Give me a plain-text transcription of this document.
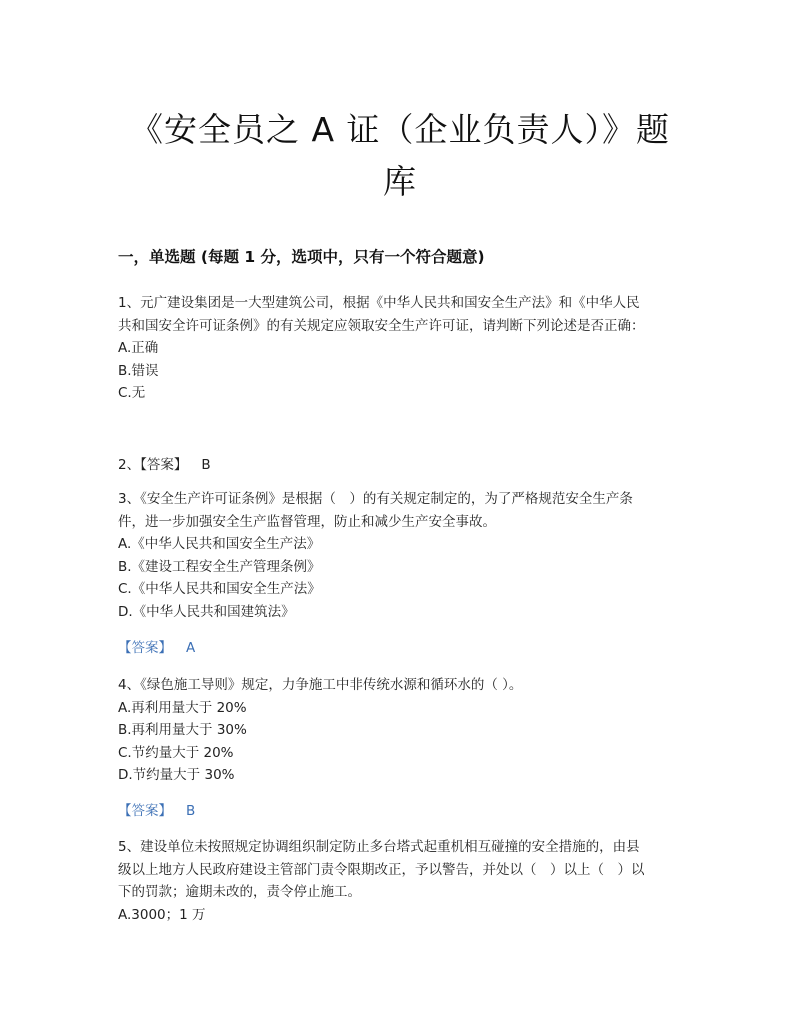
《安全员之 A 证（企业负责人）》题
库
一，单选题 (每题 1 分，选项中，只有一个符合题意)
1、元广建设集团是一大型建筑公司，根据《中华人民共和国安全生产法》和《中华人民
共和国安全许可证条例》的有关规定应领取安全生产许可证，请判断下列论述是否正确：
A.正确
B.错误
C.无
2、【答案】 B
3、《安全生产许可证条例》是根据（　）的有关规定制定的，为了严格规范安全生产条
件，进一步加强安全生产监督管理，防止和减少生产安全事故。
A.《中华人民共和国安全生产法》
B.《建设工程安全生产管理条例》
C.《中华人民共和国安全生产法》
D.《中华人民共和国建筑法》
【答案】 A
4、《绿色施工导则》规定，力争施工中非传统水源和循环水的（ ）。
A.再利用量大于 20%
B.再利用量大于 30%
C.节约量大于 20%
D.节约量大于 30%
【答案】 B
5、建设单位未按照规定协调组织制定防止多台塔式起重机相互碰撞的安全措施的，由县
级以上地方人民政府建设主管部门责令限期改正，予以警告，并处以（　）以上（　）以
下的罚款；逾期未改的，责令停止施工。
A.3000；1 万
